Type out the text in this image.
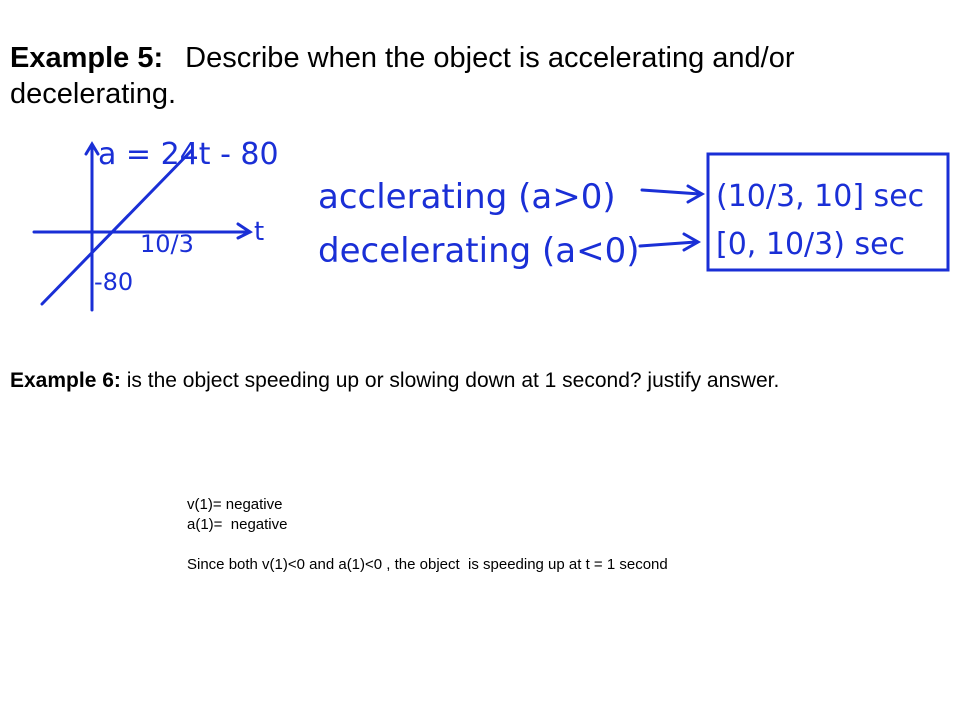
Example 5: Describe when the object is accelerating and/or decelerating.
a = 24t - 80
t
10/3
-80
acclerating (a>0)
decelerating (a<0)
(10/3, 10] sec
[0, 10/3) sec
Example 6: is the object speeding up or slowing down at 1 second? justify answer.
v(1)= negative
a(1)=  negative

Since both v(1)<0 and a(1)<0 , the object  is speeding up at t = 1 second
